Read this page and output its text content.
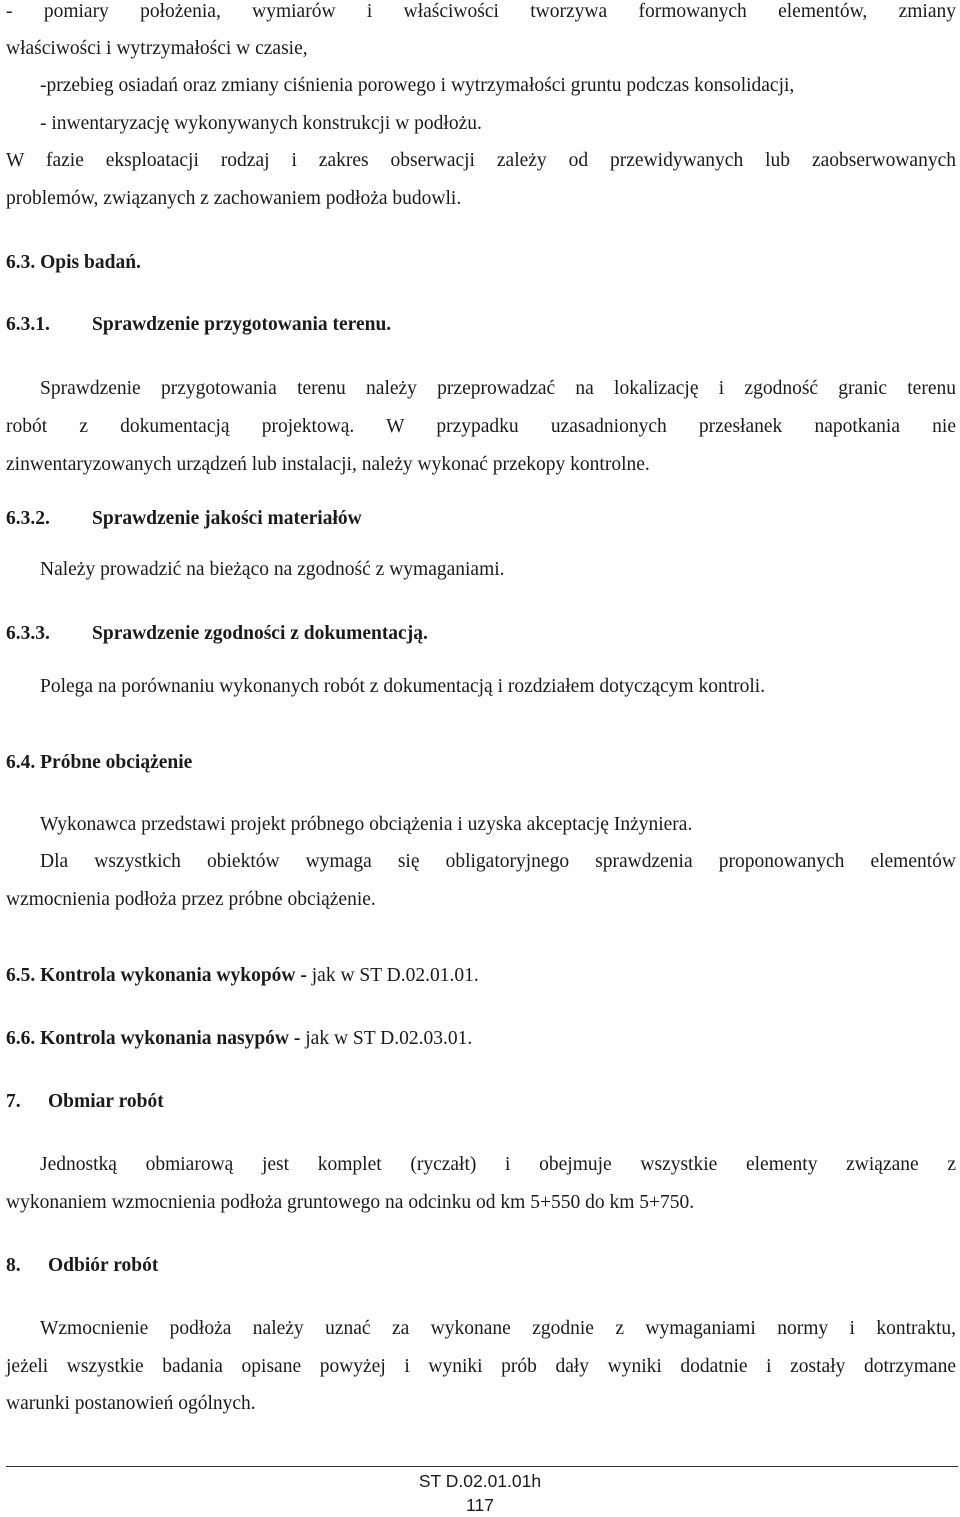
- pomiary położenia, wymiarów i właściwości tworzywa formowanych elementów, zmiany
właściwości i wytrzymałości w czasie,
-przebieg osiadań oraz zmiany ciśnienia porowego i wytrzymałości gruntu podczas konsolidacji,
- inwentaryzację wykonywanych konstrukcji w podłożu.
W fazie eksploatacji rodzaj i zakres obserwacji zależy od przewidywanych lub zaobserwowanych
problemów, związanych z zachowaniem podłoża budowli.
6.3. Opis badań.
6.3.1. Sprawdzenie przygotowania terenu.
Sprawdzenie przygotowania terenu należy przeprowadzać na lokalizację i zgodność granic terenu
robót z dokumentacją projektową. W przypadku uzasadnionych przesłanek napotkania nie
zinwentaryzowanych urządzeń lub instalacji, należy wykonać przekopy kontrolne.
6.3.2. Sprawdzenie jakości materiałów
Należy prowadzić na bieżąco na zgodność z wymaganiami.
6.3.3. Sprawdzenie zgodności z dokumentacją.
Polega na porównaniu wykonanych robót z dokumentacją i rozdziałem dotyczącym kontroli.
6.4. Próbne obciążenie
Wykonawca przedstawi projekt próbnego obciążenia i uzyska akceptację Inżyniera.
Dla wszystkich obiektów wymaga się obligatoryjnego sprawdzenia proponowanych elementów
wzmocnienia podłoża przez próbne obciążenie.
6.5. Kontrola wykonania wykopów - jak w ST D.02.01.01.
6.6. Kontrola wykonania nasypów - jak w ST D.02.03.01.
7. Obmiar robót
Jednostką obmiarową jest komplet (ryczałt) i obejmuje wszystkie elementy związane z
wykonaniem wzmocnienia podłoża gruntowego na odcinku od km 5+550 do km 5+750.
8. Odbiór robót
Wzmocnienie podłoża należy uznać za wykonane zgodnie z wymaganiami normy i kontraktu,
jeżeli wszystkie badania opisane powyżej i wyniki prób dały wyniki dodatnie i zostały dotrzymane
warunki postanowień ogólnych.
ST D.02.01.01h
117
